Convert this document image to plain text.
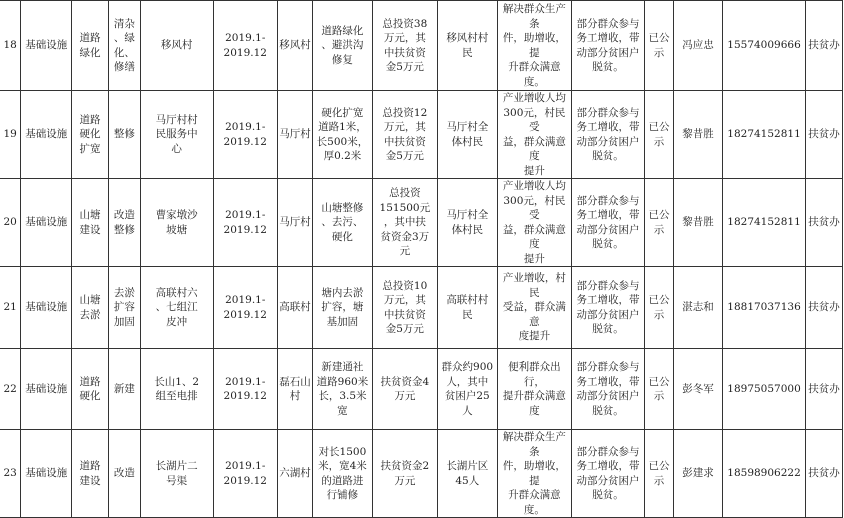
18	基础设施	道路
绿化	清杂
、绿
化、
修缮	移风村	2019.1-
2019.12	移风村	道路绿化
、避洪沟
修复	总投资38
万元，其
中扶贫资
金5万元	移风村村
民	解决群众生产条
件，助增收，提
升群众满意度。	部分群众参与
务工增收，带
动部分贫困户
脱贫。	已公
示	冯应忠	15574009666	扶贫办
19	基础设施	道路
硬化
扩宽	整修	马厅村村
民服务中
心	2019.1-
2019.12	马厅村	硬化扩宽
道路1米，
长500米，
厚0.2米	总投资12
万元，其
中扶贫资
金5万元	马厅村全
体村民	产业增收人均
300元，村民受
益，群众满意度
提升	部分群众参与
务工增收，带
动部分贫困户
脱贫。	已公
示	黎昔胜	18274152811	扶贫办
20	基础设施	山塘
建设	改造
整修	曹家墩沙
坡塘	2019.1-
2019.12	马厅村	山塘整修
、去污、
硬化	总投资
151500元
，其中扶
贫资金3万
元	马厅村全
体村民	产业增收人均
300元，村民受
益，群众满意度
提升	部分群众参与
务工增收，带
动部分贫困户
脱贫。	已公
示	黎昔胜	18274152811	扶贫办
21	基础设施	山塘
去淤	去淤
扩容
加固	高联村六
、七组江
皮冲	2019.1-
2019.12	高联村	塘内去淤
扩容，塘
基加固	总投资10
万元，其
中扶贫资
金5万元	高联村村
民	产业增收，村民
受益，群众满意
度提升	部分群众参与
务工增收，带
动部分贫困户
脱贫。	已公示	湛志和	18817037136	扶贫办
22	基础设施	道路
硬化	新建	长山1、2
组至电排	2019.1-
2019.12	磊石山
村	新建通社
道路960米
长，3.5米
宽	扶贫资金4
万元	群众约900
人，其中
贫困户25
人	便利群众出行，
提升群众满意度	部分群众参与
务工增收，带
动部分贫困户
脱贫。	已公
示	彭冬军	18975057000	扶贫办
23	基础设施	道路
建设	改造	长湖片二
号渠	2019.1-
2019.12	六湖村	对长1500
米，宽4米
的道路进
行铺修	扶贫资金2
万元	长湖片区
45人	解决群众生产条
件，助增收，提
升群众满意度。	部分群众参与
务工增收，带
动部分贫困户
脱贫。	已公
示	彭建求	18598906222	扶贫办
